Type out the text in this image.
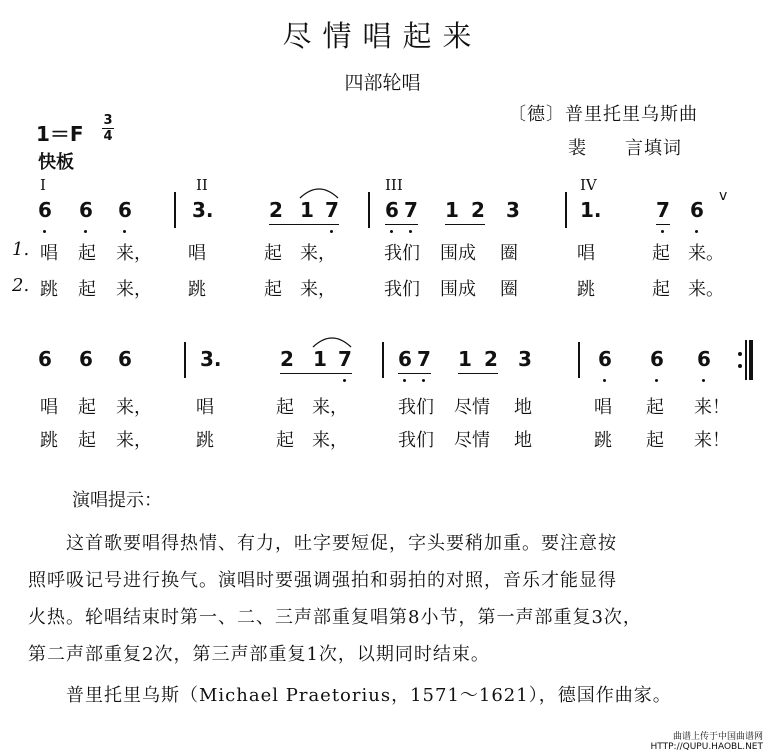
尽情唱起来
四部轮唱
〔德〕普里托里乌斯曲
裴　　言填词
1＝F
3
4
快板
I	II	III	IV
v
6 6 6	3.	2 1 7 6 7 1 2 3	1.	7 6
1. 唱 起 来， 唱	起 来，	我们 围成 圈	唱	起 来。
2. 跳 起 来， 跳	起 来，	我们 围成 圈	跳	起 来。
6 6 6	3.	2 1 7 6 7 1 2 3	6 6 6
唱 起 来， 唱	起 来，	我们 尽情 地	唱 起 来！
跳 起 来， 跳	起 来，	我们 尽情 地	跳 起 来！
演唱提示：
　　这首歌要唱得热情、有力，吐字要短促，字头要稍加重。要注意按
照呼吸记号进行换气。演唱时要强调强拍和弱拍的对照，音乐才能显得
火热。轮唱结束时第一、二、三声部重复唱第8小节，第一声部重复3次，
第二声部重复2次，第三声部重复1次，以期同时结束。
　　普里托里乌斯（Michael Praetorius，1571～1621），德国作曲家。
曲谱上传于中国曲谱网
HTTP://QUPU.HAOBL.NET
